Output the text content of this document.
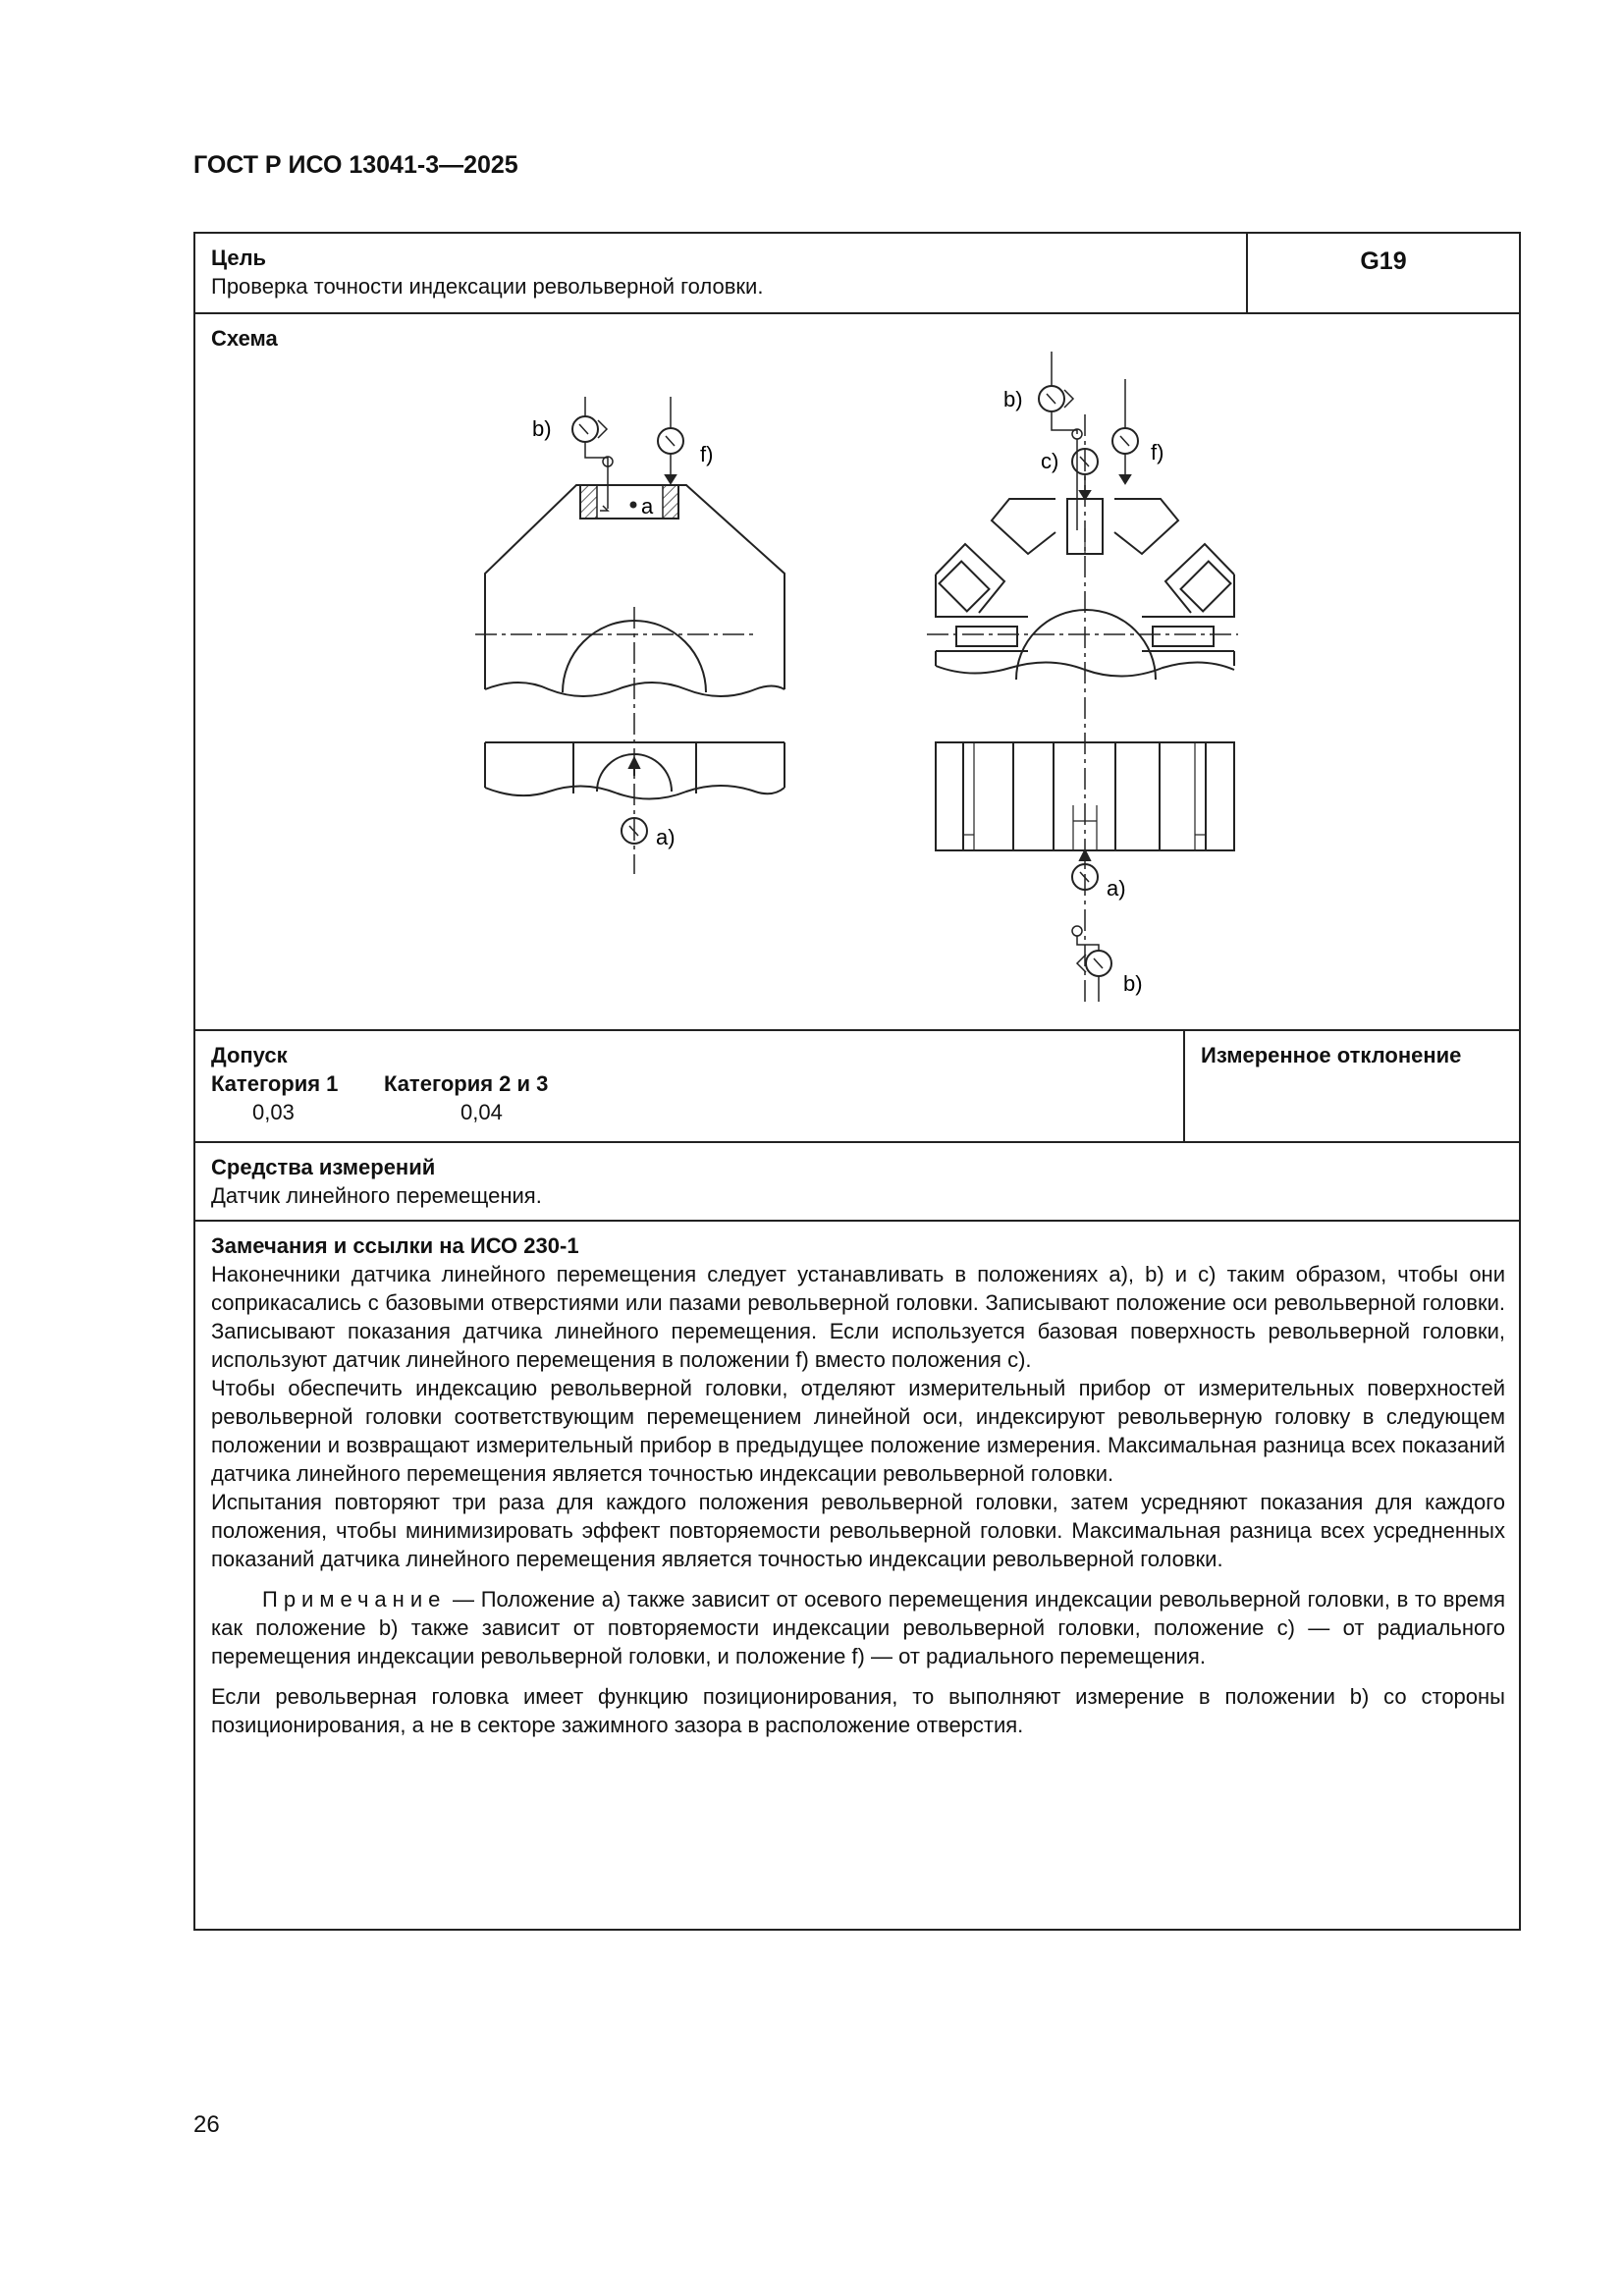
ГОСТ Р ИСО 13041-3—2025
Цель
Проверка точности индексации револьверной головки.
G19
Схема
b)
f)
a
a)
b)
c)	f)
a)
b)
Допуск
Категория 1 Категория 2 и 3
0,03	0,04
Измеренное отклонение
Средства измерений
Датчик линейного перемещения.
Замечания и ссылки на ИСО 230-1

Наконечники датчика линейного перемещения следует устанавливать в положениях a), b) и c) таким образом, чтобы они соприкасались с базовыми отверстиями или пазами револьверной головки. Записывают положение оси револьверной головки. Записывают показания датчика линейного перемещения. Если используется базовая поверхность револьверной головки, используют датчик линейного перемещения в положении f) вместо положения c).

Чтобы обеспечить индексацию револьверной головки, отделяют измерительный прибор от измерительных поверхностей револьверной головки соответствующим перемещением линейной оси, индексируют револьверную головку в следующем положении и возвращают измерительный прибор в предыдущее положение измерения. Максимальная разница всех показаний датчика линейного перемещения является точностью индексации револьверной головки.

Испытания повторяют три раза для каждого положения револьверной головки, затем усредняют показания для каждого положения, чтобы минимизировать эффект повторяемости револьверной головки. Максимальная разница всех усредненных показаний датчика линейного перемещения является точностью индексации револьверной головки.

Примечание — Положение a) также зависит от осевого перемещения индексации револьверной головки, в то время как положение b) также зависит от повторяемости индексации револьверной головки, положение c) — от радиального перемещения индексации револьверной головки, и положение f) — от радиального перемещения.

Если револьверная головка имеет функцию позиционирования, то выполняют измерение в положении b) со стороны позиционирования, а не в секторе зажимного зазора в расположение отверстия.

26
